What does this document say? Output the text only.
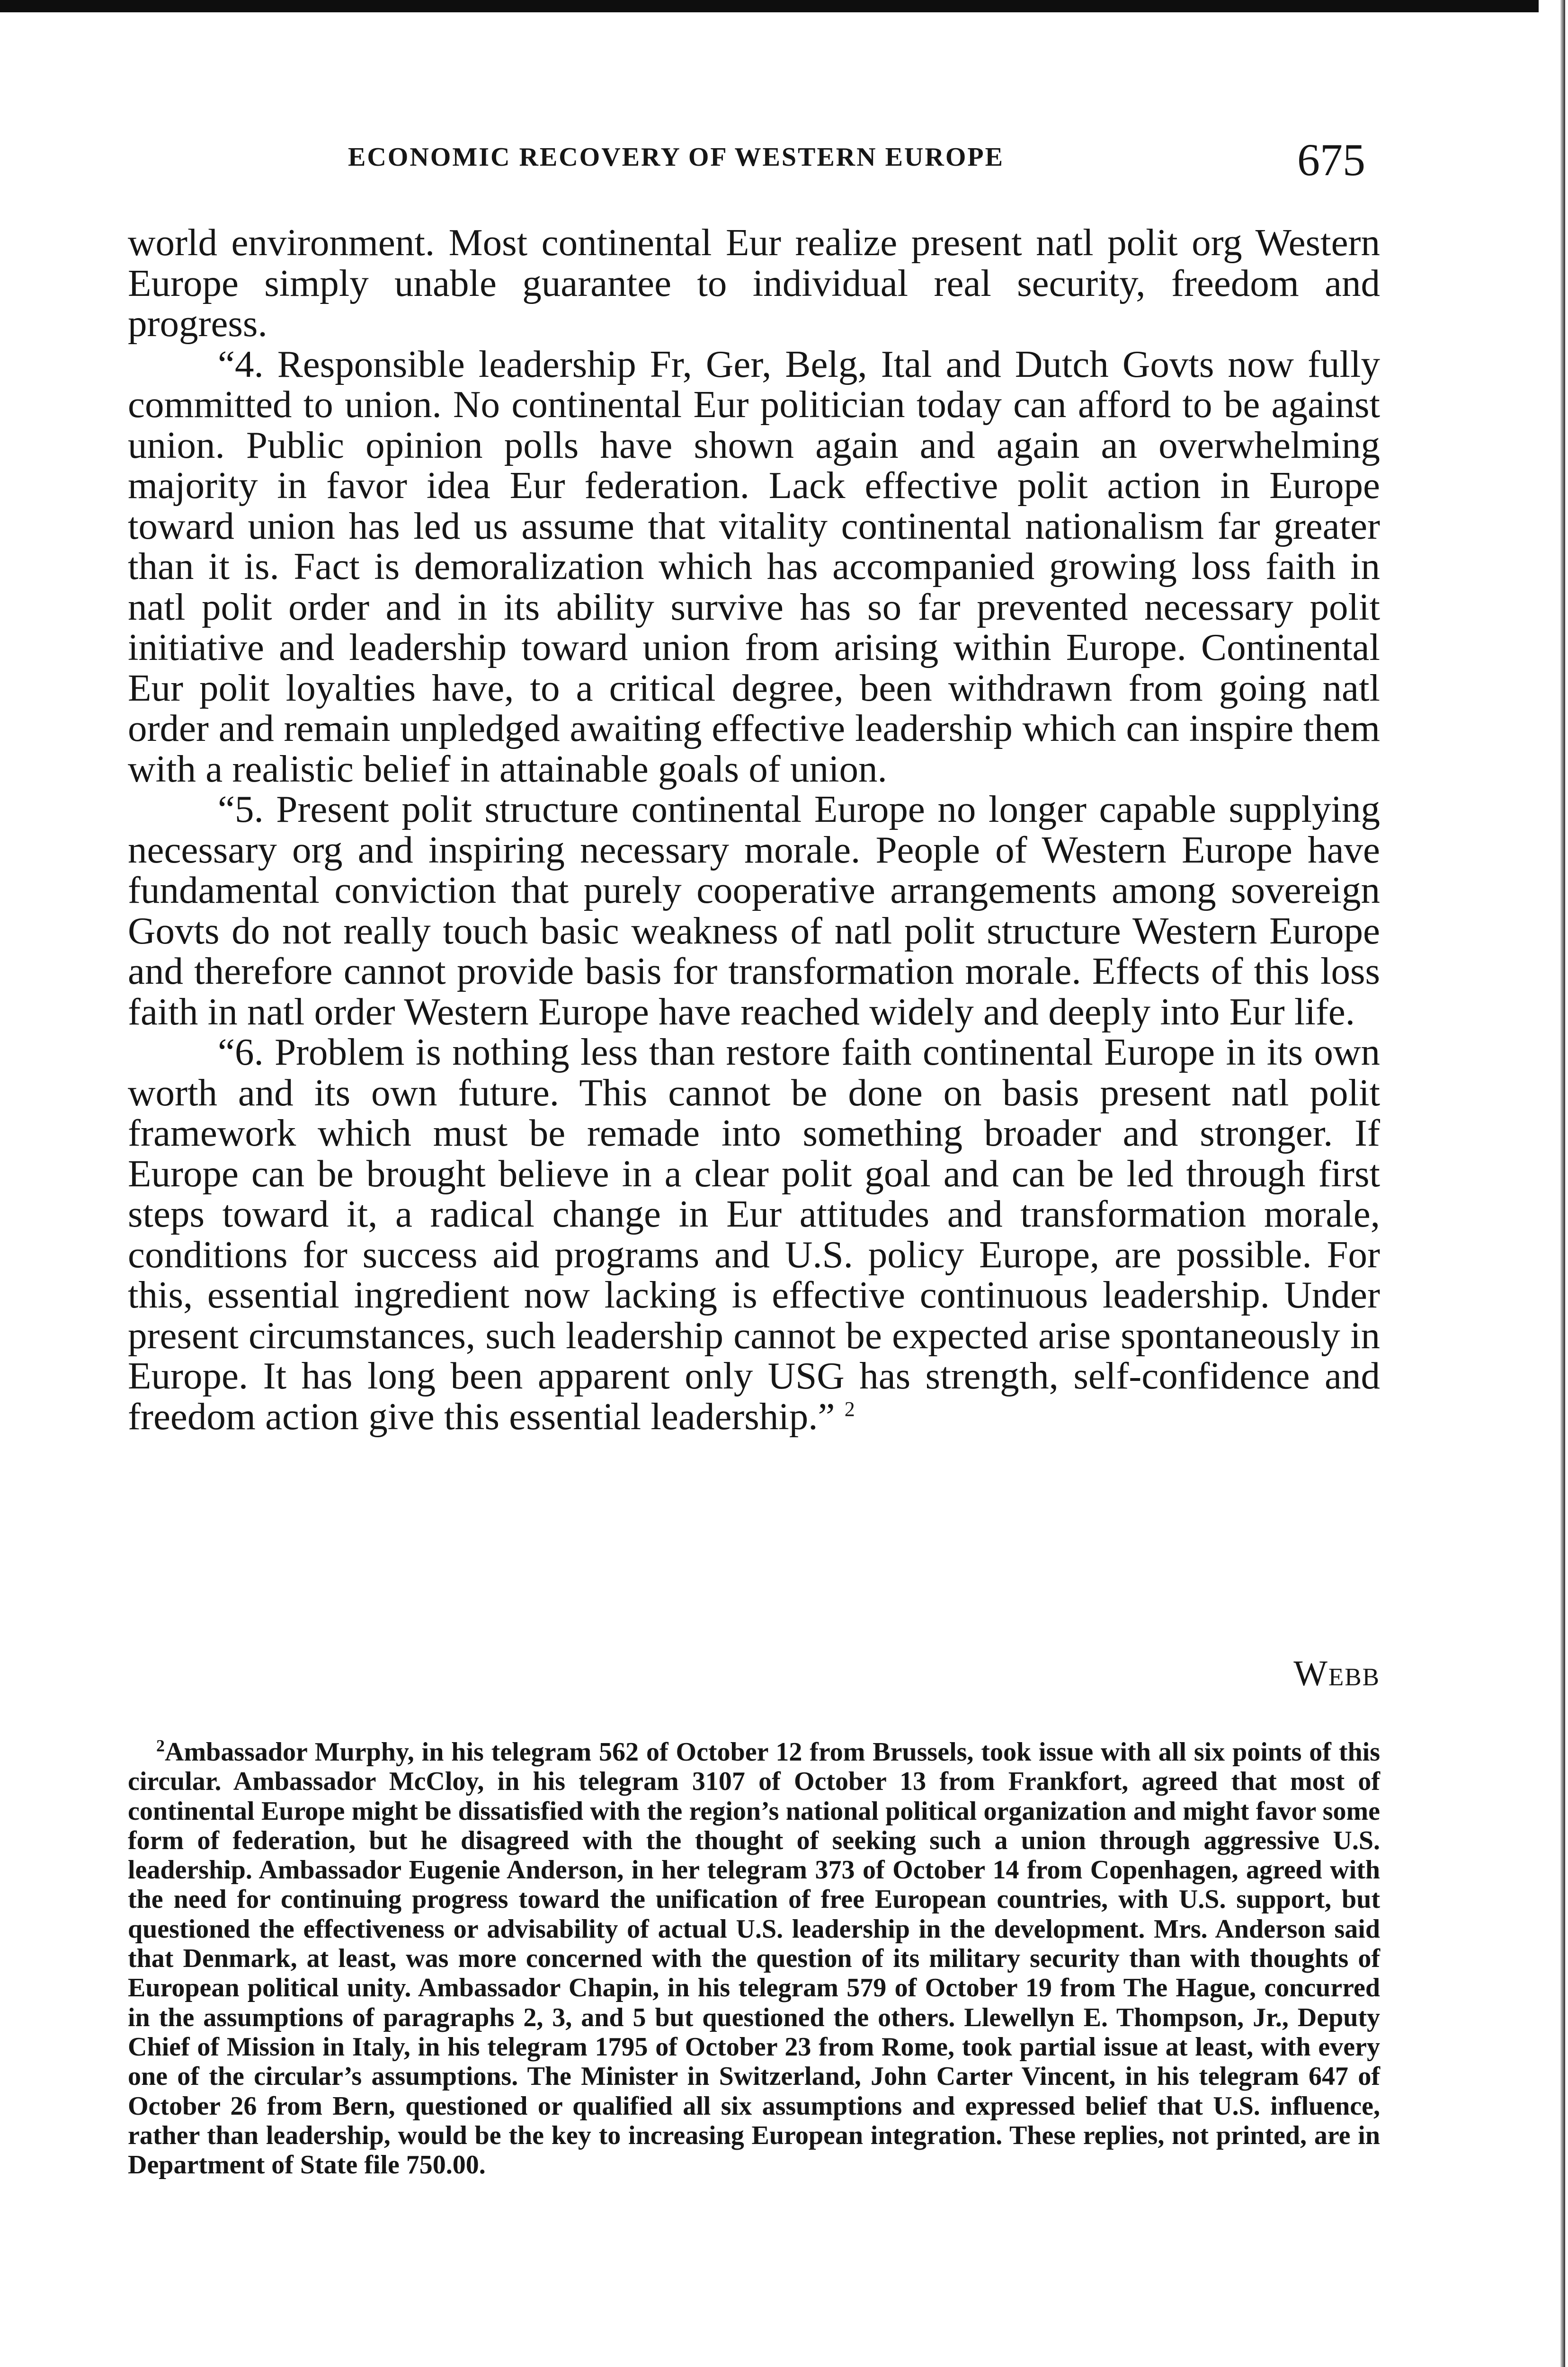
ECONOMIC RECOVERY OF WESTERN EUROPE	675

world environment. Most continental Eur realize present natl polit org Western Europe simply unable guarantee to individual real security, freedom and progress.

“4. Responsible leadership Fr, Ger, Belg, Ital and Dutch Govts now fully committed to union. No continental Eur politician today can afford to be against union. Public opinion polls have shown again and again an overwhelming majority in favor idea Eur federation. Lack effective polit action in Europe toward union has led us assume that vitality continental nationalism far greater than it is. Fact is demoralization which has accompanied growing loss faith in natl polit order and in its ability survive has so far prevented necessary polit initiative and leadership toward union from arising within Europe. Continental Eur polit loyalties have, to a critical degree, been withdrawn from going natl order and remain unpledged awaiting effective leadership which can inspire them with a realistic belief in attainable goals of union.

“5. Present polit structure continental Europe no longer capable supplying necessary org and inspiring necessary morale. People of Western Europe have fundamental conviction that purely cooperative arrangements among sovereign Govts do not really touch basic weakness of natl polit structure Western Europe and therefore cannot provide basis for transformation morale. Effects of this loss faith in natl order Western Europe have reached widely and deeply into Eur life.

“6. Problem is nothing less than restore faith continental Europe in its own worth and its own future. This cannot be done on basis present natl polit framework which must be remade into something broader and stronger. If Europe can be brought believe in a clear polit goal and can be led through first steps toward it, a radical change in Eur attitudes and transformation morale, conditions for success aid programs and U.S. policy Europe, are possible. For this, essential ingredient now lacking is effective continuous leadership. Under present circumstances, such leadership cannot be expected arise spontaneously in Europe. It has long been apparent only USG has strength, self-confidence and freedom action give this essential leadership.” $^2$

Webb
$^2$Ambassador Murphy, in his telegram 562 of October 12 from Brussels, took issue with all six points of this circular. Ambassador McCloy, in his telegram 3107 of October 13 from Frankfort, agreed that most of continental Europe might be dissatisfied with the region’s national political organization and might favor some form of federation, but he disagreed with the thought of seeking such a union through aggressive U.S. leadership. Ambassador Eugenie Anderson, in her telegram 373 of October 14 from Copenhagen, agreed with the need for continuing progress toward the unification of free European countries, with U.S. support, but questioned the effectiveness or advisability of actual U.S. leadership in the development. Mrs. Anderson said that Denmark, at least, was more concerned with the question of its military security than with thoughts of European political unity. Ambassador Chapin, in his telegram 579 of October 19 from The Hague, concurred in the assumptions of paragraphs 2, 3, and 5 but questioned the others. Llewellyn E. Thompson, Jr., Deputy Chief of Mission in Italy, in his telegram 1795 of October 23 from Rome, took partial issue at least, with every one of the circular’s assumptions. The Minister in Switzerland, John Carter Vincent, in his telegram 647 of October 26 from Bern, questioned or qualified all six assumptions and expressed belief that U.S. influence, rather than leadership, would be the key to increasing European integration. These replies, not printed, are in Department of State file 750.00.
